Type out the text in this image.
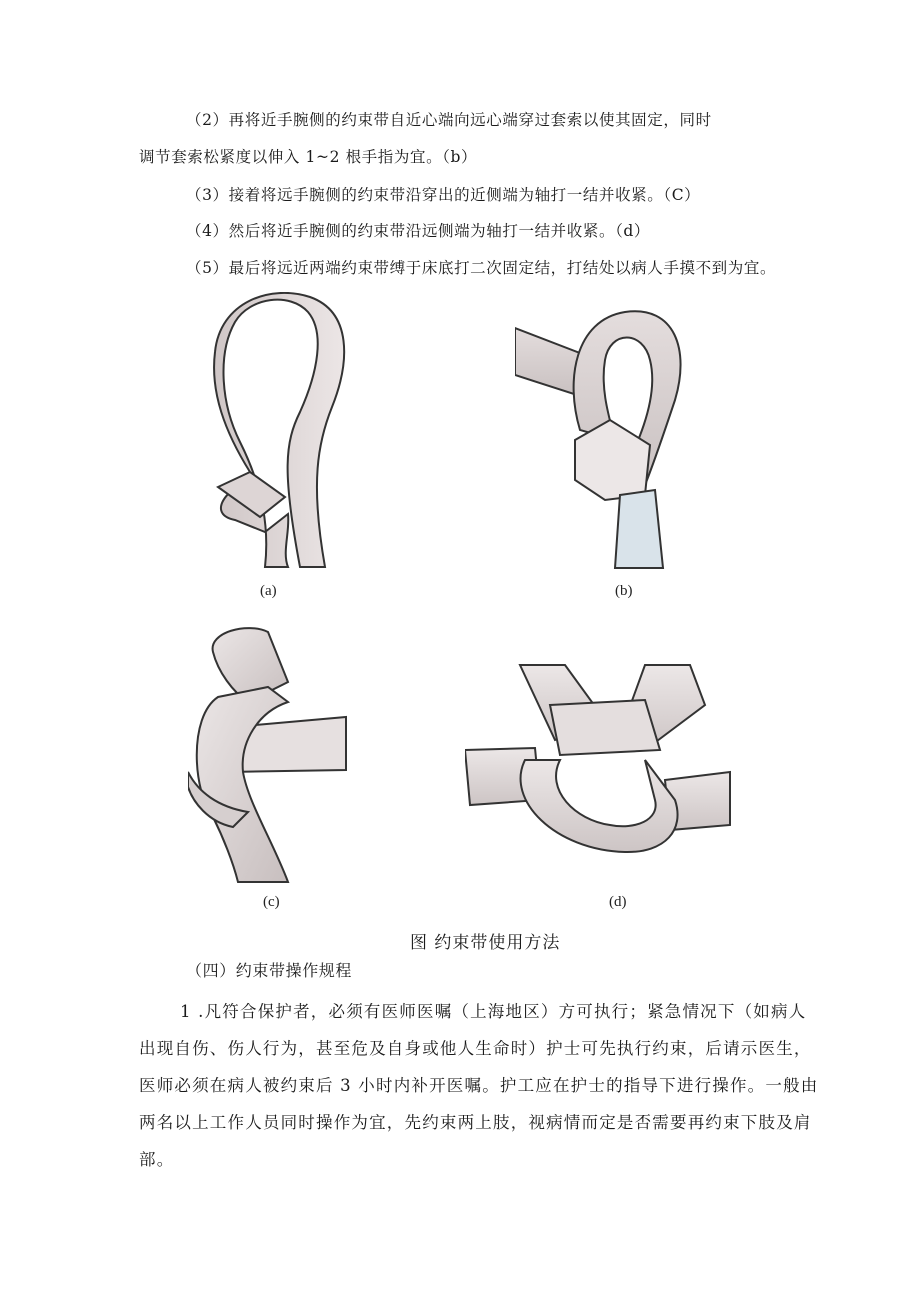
（2）再将近手腕侧的约束带自近心端向远心端穿过套索以使其固定，同时
调节套索松紧度以伸入 1~2 根手指为宜。（b）
（3）接着将远手腕侧的约束带沿穿出的近侧端为轴打一结并收紧。（C）
（4）然后将近手腕侧的约束带沿远侧端为轴打一结并收紧。（d）
（5）最后将远近两端约束带缚于床底打二次固定结，打结处以病人手摸不到为宜。
(a)	(b)
(c)	(d)
图 约束带使用方法
（四）约束带操作规程
1 .凡符合保护者，必须有医师医嘱（上海地区）方可执行；紧急情况下（如病人
出现自伤、伤人行为，甚至危及自身或他人生命时）护士可先执行约束，后请示医生，
医师必须在病人被约束后 3 小时内补开医嘱。护工应在护士的指导下进行操作。一般由
两名以上工作人员同时操作为宜，先约束两上肢，视病情而定是否需要再约束下肢及肩
部。
